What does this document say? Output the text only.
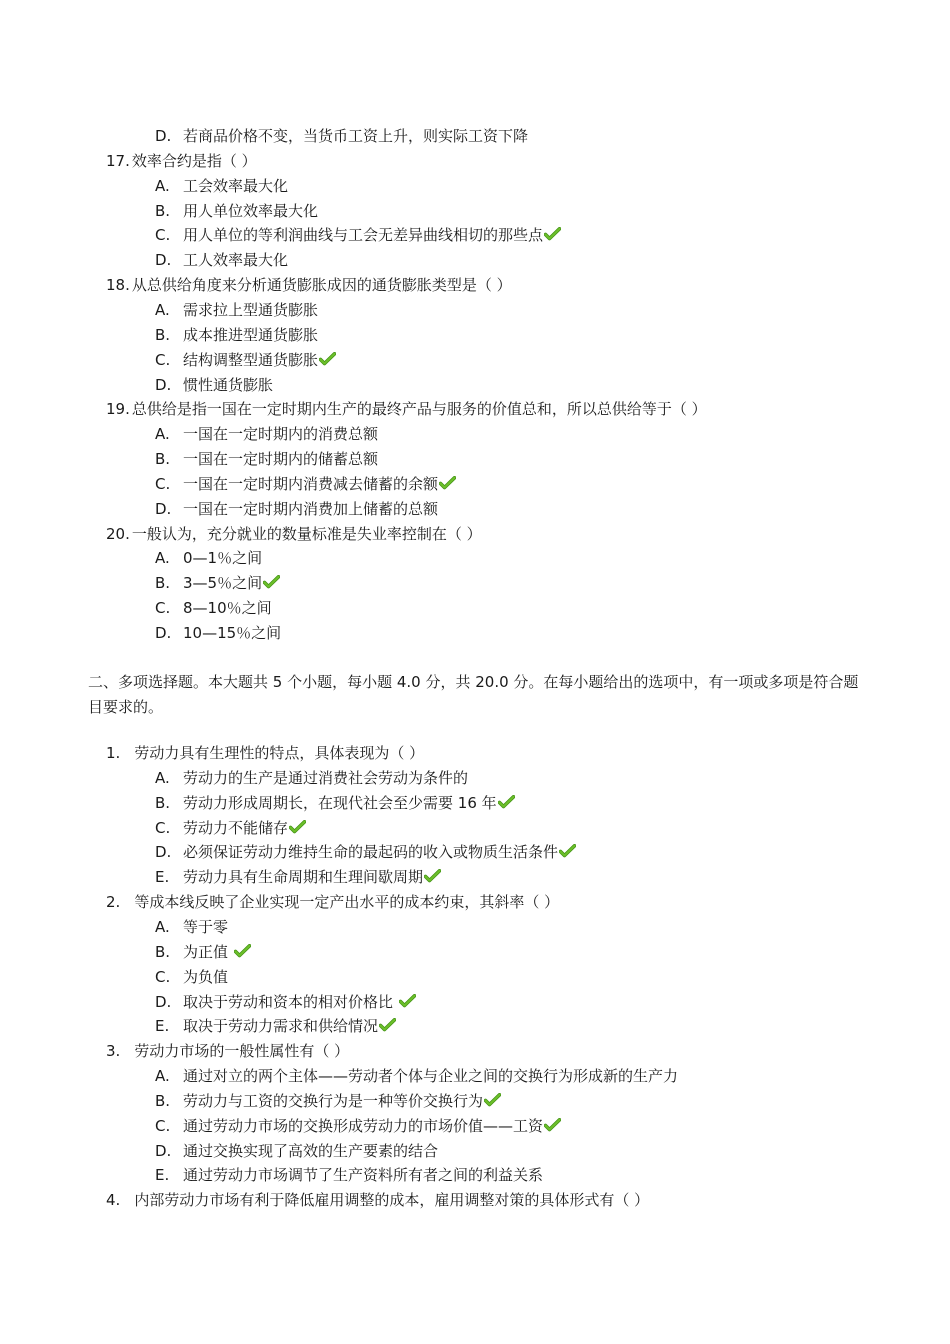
D. 若商品价格不变，当货币工资上升，则实际工资下降
17. 效率合约是指（ ）
A. 工会效率最大化
B. 用人单位效率最大化
C. 用人单位的等利润曲线与工会无差异曲线相切的那些点
D. 工人效率最大化
18. 从总供给角度来分析通货膨胀成因的通货膨胀类型是（ ）
A. 需求拉上型通货膨胀
B. 成本推进型通货膨胀
C. 结构调整型通货膨胀
D. 惯性通货膨胀
19. 总供给是指一国在一定时期内生产的最终产品与服务的价值总和，所以总供给等于（ ）
A. 一国在一定时期内的消费总额
B. 一国在一定时期内的储蓄总额
C. 一国在一定时期内消费减去储蓄的余额
D. 一国在一定时期内消费加上储蓄的总额
20. 一般认为，充分就业的数量标准是失业率控制在（ ）
A. 0—1％之间
B. 3—5％之间
C. 8—10％之间
D. 10—15％之间
二、多项选择题。本大题共 5 个小题，每小题 4.0 分，共 20.0 分。在每小题给出的选项中，有一项或多项是符合题目要求的。
1. 劳动力具有生理性的特点，具体表现为（ ）
A. 劳动力的生产是通过消费社会劳动为条件的
B. 劳动力形成周期长，在现代社会至少需要 16 年
C. 劳动力不能储存
D. 必须保证劳动力维持生命的最起码的收入或物质生活条件
E. 劳动力具有生命周期和生理间歇周期
2. 等成本线反映了企业实现一定产出水平的成本约束，其斜率（ ）
A. 等于零
B. 为正值
C. 为负值
D. 取决于劳动和资本的相对价格比
E. 取决于劳动力需求和供给情况
3. 劳动力市场的一般性属性有（ ）
A. 通过对立的两个主体——劳动者个体与企业之间的交换行为形成新的生产力
B. 劳动力与工资的交换行为是一种等价交换行为
C. 通过劳动力市场的交换形成劳动力的市场价值——工资
D. 通过交换实现了高效的生产要素的结合
E. 通过劳动力市场调节了生产资料所有者之间的利益关系
4. 内部劳动力市场有利于降低雇用调整的成本，雇用调整对策的具体形式有（ ）
